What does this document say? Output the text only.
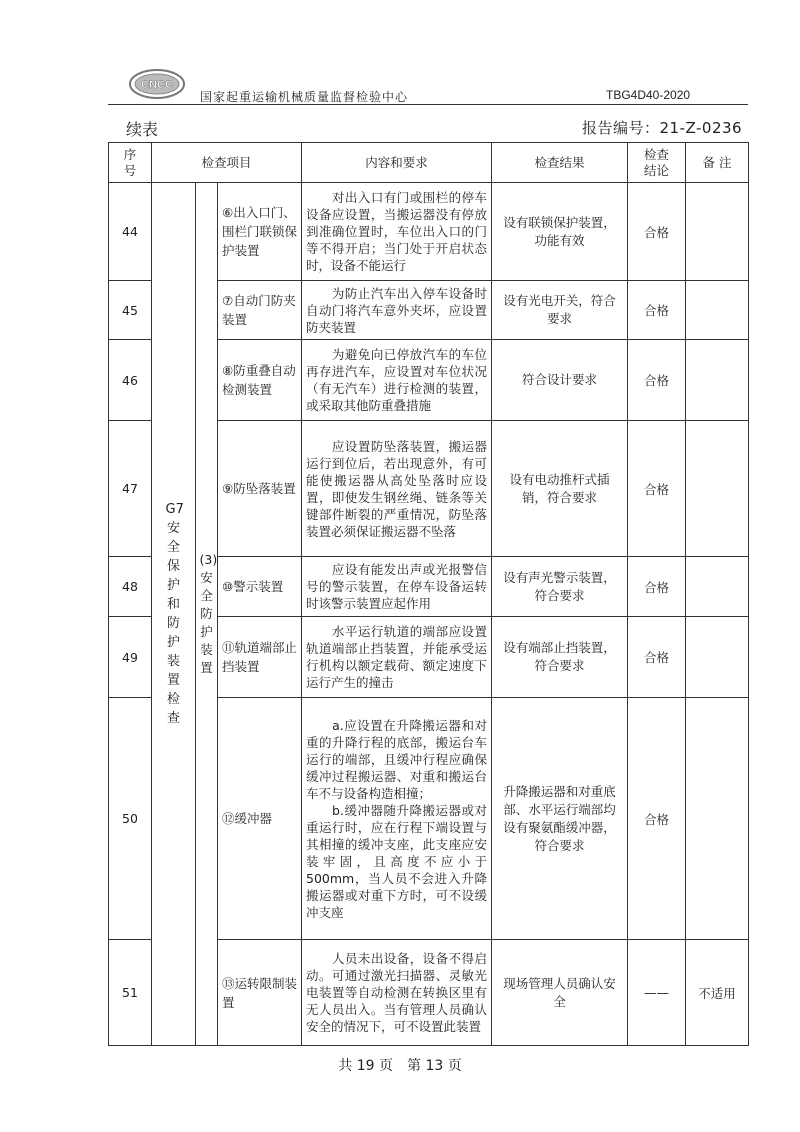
CNCC
国家起重运输机械质量监督检验中心	TBG4D40-2020
续表	报告编号：21-Z-0236
序号	检查项目			内容和要求	检查结果	检查结论	备 注
44	G7安全保护和防护装置检查	(3)安全防护装置	⑥出入口门、围栏门联锁保护装置	　　对出入口有门或围栏的停车设备应设置，当搬运器没有停放到准确位置时，车位出入口的门等不得开启；当门处于开启状态时，设备不能运行	设有联锁保护装置，功能有效	合格	
45			⑦自动门防夹装置	　　为防止汽车出入停车设备时自动门将汽车意外夹坏，应设置防夹装置	设有光电开关，符合要求	合格	
46			⑧防重叠自动检测装置	　　为避免向已停放汽车的车位再存进汽车，应设置对车位状况（有无汽车）进行检测的装置，或采取其他防重叠措施	符合设计要求	合格	
47			⑨防坠落装置	　　应设置防坠落装置，搬运器运行到位后，若出现意外，有可能使搬运器从高处坠落时应设置，即使发生钢丝绳、链条等关键部件断裂的严重情况，防坠落装置必须保证搬运器不坠落	设有电动推杆式插销，符合要求	合格	
48			⑩警示装置	　　应设有能发出声或光报警信号的警示装置，在停车设备运转时该警示装置应起作用	设有声光警示装置，符合要求	合格	
49			⑪轨道端部止挡装置	　　水平运行轨道的端部应设置轨道端部止挡装置，并能承受运行机构以额定载荷、额定速度下运行产生的撞击	设有端部止挡装置，符合要求	合格	
50			⑫缓冲器	　　a.应设置在升降搬运器和对重的升降行程的底部，搬运台车运行的端部，且缓冲行程应确保缓冲过程搬运器、对重和搬运台车不与设备构造相撞；
　　b.缓冲器随升降搬运器或对重运行时，应在行程下端设置与其相撞的缓冲支座，此支座应安装牢固，且高度不应小于500mm，当人员不会进入升降搬运器或对重下方时，可不设缓冲支座	升降搬运器和对重底部、水平运行端部均设有聚氨酯缓冲器，符合要求	合格	
51			⑬运转限制装置	　　人员未出设备，设备不得启动。可通过激光扫描器、灵敏光电装置等自动检测在转换区里有无人员出入。当有管理人员确认安全的情况下，可不设置此装置	现场管理人员确认安全	——	不适用
共 19 页　第 13 页
